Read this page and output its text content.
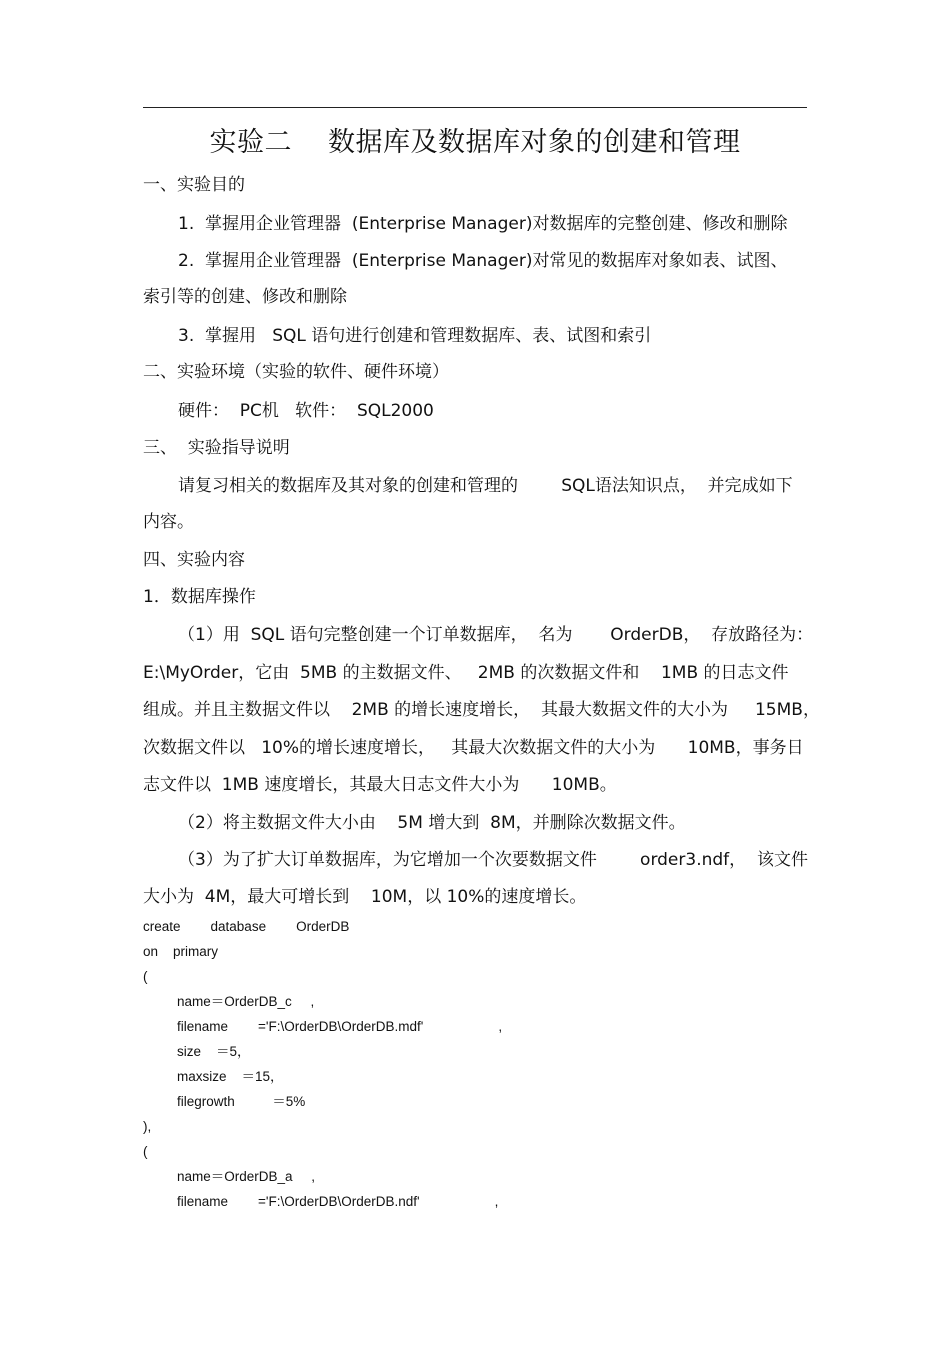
实验二 数据库及数据库对象的创建和管理
一、实验目的
1.  掌握用企业管理器  (Enterprise Manager)对数据库的完整创建、修改和删除
2.  掌握用企业管理器  (Enterprise Manager)对常见的数据库对象如表、试图、
索引等的创建、修改和删除
3.  掌握用   SQL 语句进行创建和管理数据库、表、试图和索引
二、实验环境（实验的软件、硬件环境）
硬件：  PC机   软件：  SQL2000
三、  实验指导说明
请复习相关的数据库及其对象的创建和管理的        SQL语法知识点，  并完成如下
内容。
四、实验内容
1．数据库操作
（1）用  SQL 语句完整创建一个订单数据库，  名为       OrderDB，  存放路径为：
E:\MyOrder，它由  5MB 的主数据文件、   2MB 的次数据文件和    1MB 的日志文件
组成。并且主数据文件以    2MB 的增长速度增长，  其最大数据文件的大小为     15MB，
次数据文件以   10%的增长速度增长，   其最大次数据文件的大小为      10MB，事务日
志文件以  1MB 速度增长，其最大日志文件大小为      10MB。
（2）将主数据文件大小由    5M 增大到  8M，并删除次数据文件。
（3）为了扩大订单数据库，为它增加一个次要数据文件        order3.ndf，  该文件
大小为  4M，最大可增长到    10M，以 10%的速度增长。
create        database        OrderDB
on    primary
(
name＝OrderDB_c     ,
filename        ='F:\OrderDB\OrderDB.mdf'                    ,
size    ＝5，
maxsize    ＝15，
filegrowth          ＝5%
),
(
name＝OrderDB_a     ,
filename        ='F:\OrderDB\OrderDB.ndf'                    ,
